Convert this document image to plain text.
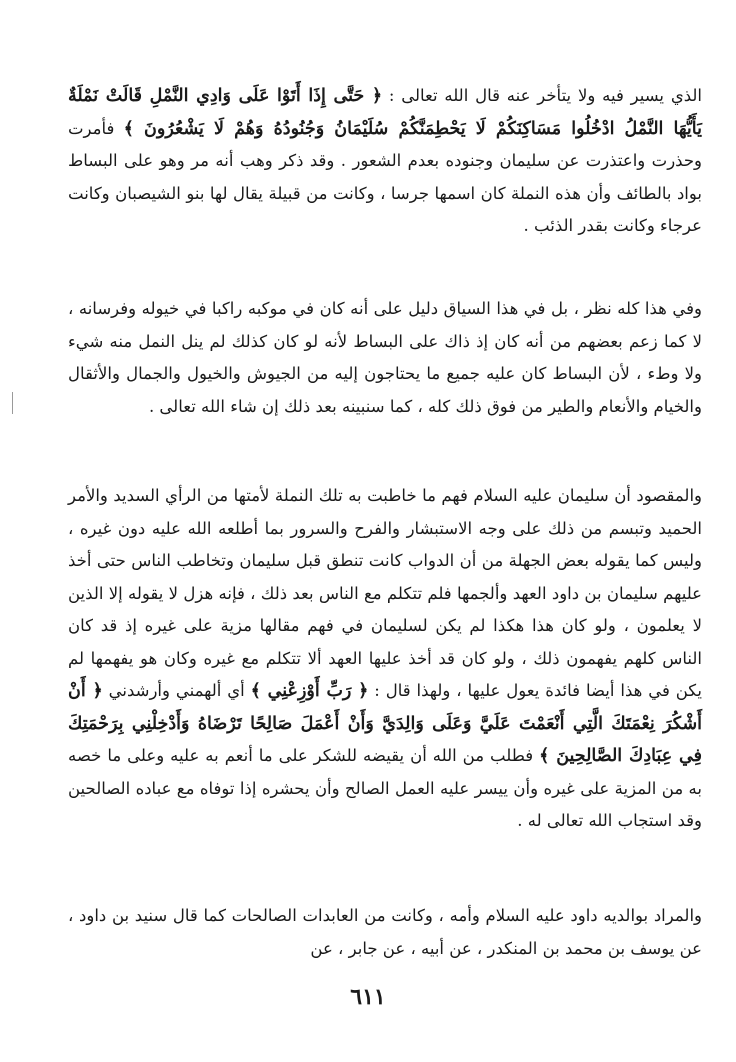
الذي يسير فيه ولا يتأخر عنه قال الله تعالى : ﴿ حَتَّى إِذَا أَتَوْا عَلَى وَادِي النَّمْلِ قَالَتْ نَمْلَةٌ يَأَيُّهَا النَّمْلُ ادْخُلُوا مَسَاكِنَكُمْ لَا يَحْطِمَنَّكُمْ سُلَيْمَانُ وَجُنُودُهُ وَهُمْ لَا يَشْعُرُونَ ﴾ فأمرت وحذرت واعتذرت عن سليمان وجنوده بعدم الشعور . وقد ذكر وهب أنه مر وهو على البساط بواد بالطائف وأن هذه النملة كان اسمها جرسا ، وكانت من قبيلة يقال لها بنو الشيصبان وكانت عرجاء وكانت بقدر الذئب .

وفي هذا كله نظر ، بل في هذا السياق دليل على أنه كان في موكبه راكبا في خيوله وفرسانه ، لا كما زعم بعضهم من أنه كان إذ ذاك على البساط لأنه لو كان كذلك لم ينل النمل منه شيء ولا وطء ، لأن البساط كان عليه جميع ما يحتاجون إليه من الجيوش والخيول والجمال والأثقال والخيام والأنعام والطير من فوق ذلك كله ، كما سنبينه بعد ذلك إن شاء الله تعالى .

والمقصود أن سليمان عليه السلام فهم ما خاطبت به تلك النملة لأمتها من الرأي السديد والأمر الحميد وتبسم من ذلك على وجه الاستبشار والفرح والسرور بما أطلعه الله عليه دون غيره ، وليس كما يقوله بعض الجهلة من أن الدواب كانت تنطق قبل سليمان وتخاطب الناس حتى أخذ عليهم سليمان بن داود العهد وألجمها فلم تتكلم مع الناس بعد ذلك ، فإنه هزل لا يقوله إلا الذين لا يعلمون ، ولو كان هذا هكذا لم يكن لسليمان في فهم مقالها مزية على غيره إذ قد كان الناس كلهم يفهمون ذلك ، ولو كان قد أخذ عليها العهد ألا تتكلم مع غيره وكان هو يفهمها لم يكن في هذا أيضا فائدة يعول عليها ، ولهذا قال : ﴿ رَبِّ أَوْزِعْنِي ﴾ أي ألهمني وأرشدني ﴿ أَنْ أَشْكُرَ نِعْمَتَكَ الَّتِي أَنْعَمْتَ عَلَيَّ وَعَلَى وَالِدَيَّ وَأَنْ أَعْمَلَ صَالِحًا تَرْضَاهُ وَأَدْخِلْنِي بِرَحْمَتِكَ فِي عِبَادِكَ الصَّالِحِينَ ﴾ فطلب من الله أن يقيضه للشكر على ما أنعم به عليه وعلى ما خصه به من المزية على غيره وأن ييسر عليه العمل الصالح وأن يحشره إذا توفاه مع عباده الصالحين وقد استجاب الله تعالى له .

والمراد بوالديه داود عليه السلام وأمه ، وكانت من العابدات الصالحات كما قال سنيد بن داود ، عن يوسف بن محمد بن المنكدر ، عن أبيه ، عن جابر ، عن

٦١١
